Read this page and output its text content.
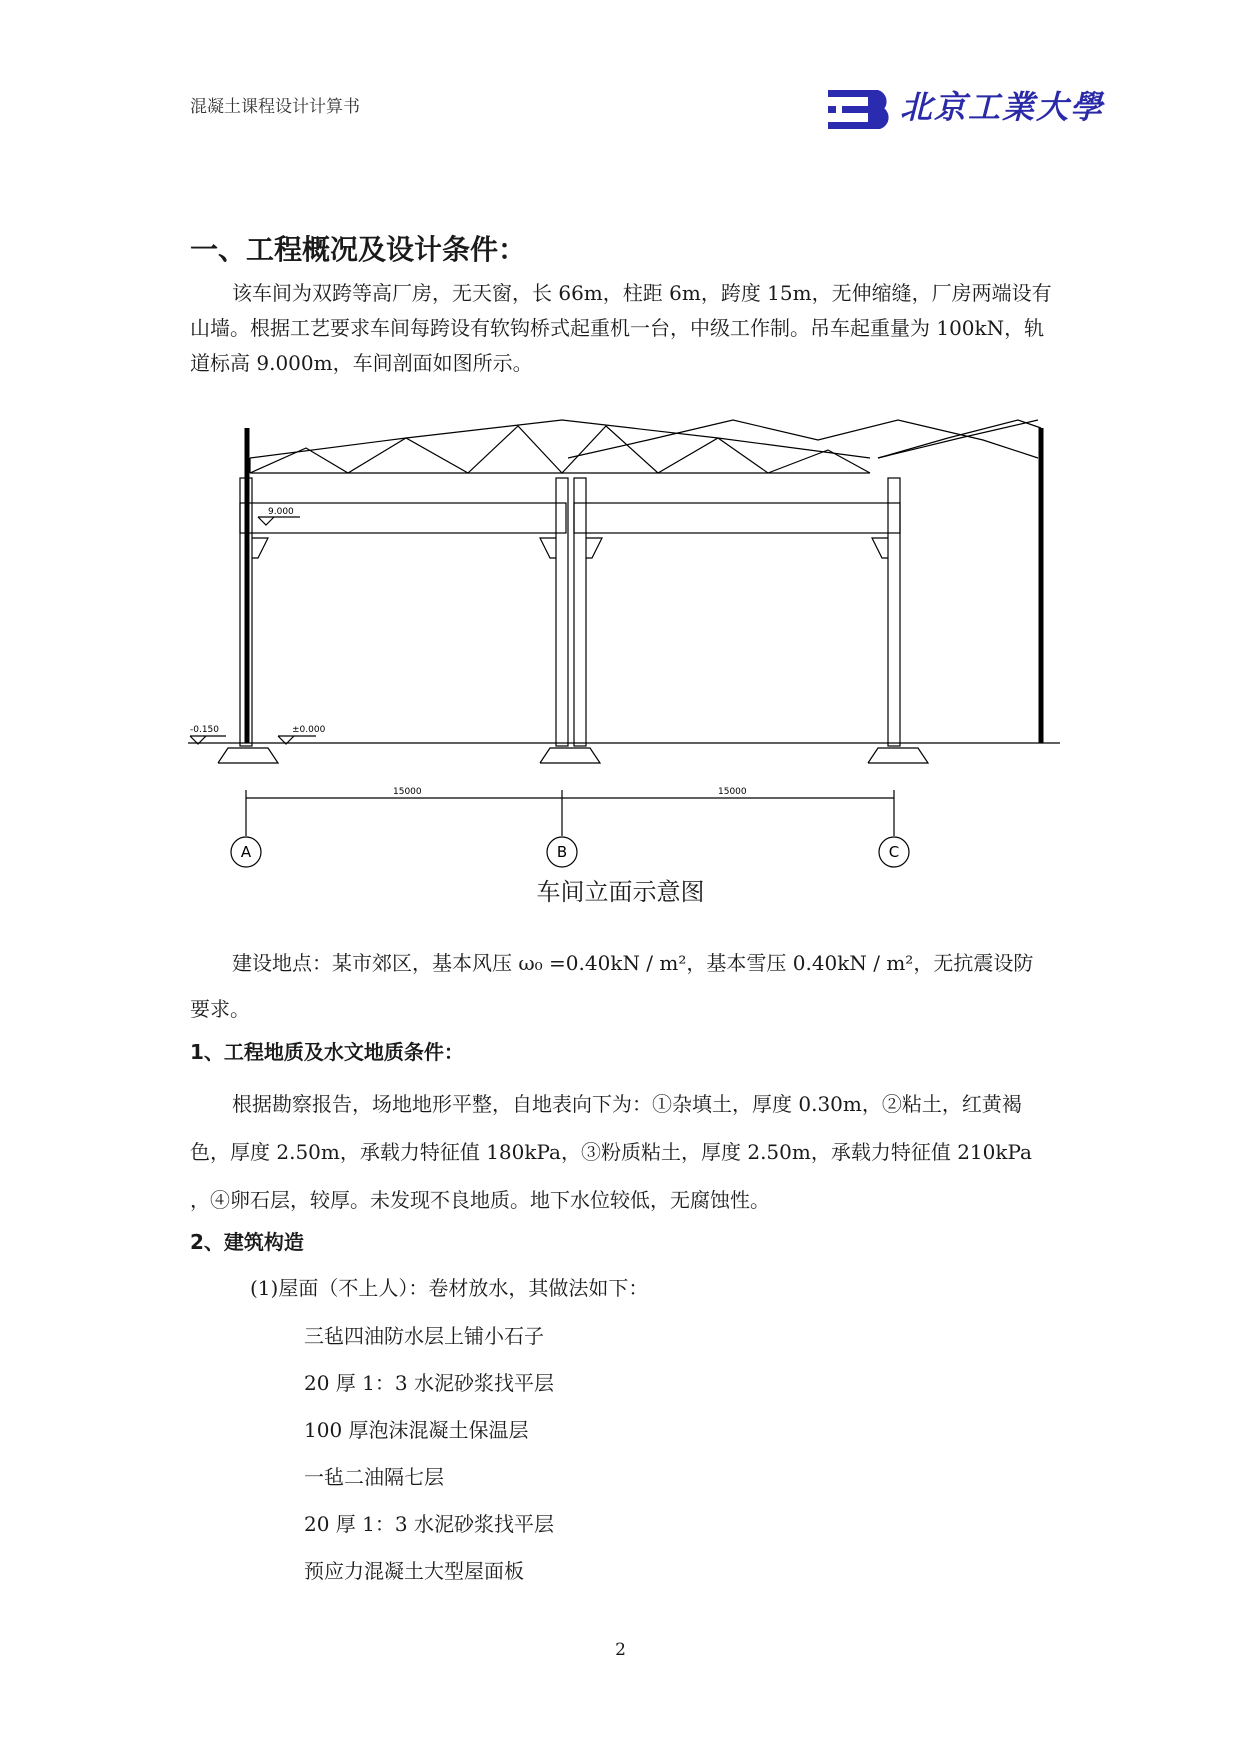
混凝土课程设计计算书	北京工業大學
一、工程概况及设计条件：
该车间为双跨等高厂房，无天窗，长 66m，柱距 6m，跨度 15m，无伸缩缝，厂房两端设有山墙。根据工艺要求车间每跨设有软钩桥式起重机一台，中级工作制。吊车起重量为 100kN，轨道标高 9.000m，车间剖面如图所示。
9.000
±0.000
-0.150
15000	15000
A	B	C
车间立面示意图
建设地点：某市郊区，基本风压 ω₀ =0.40kN / m²，基本雪压 0.40kN / m²，无抗震设防要求。
1、工程地质及水文地质条件：
根据勘察报告，场地地形平整，自地表向下为：①杂填土，厚度 0.30m，②粘土，红黄褐色，厚度 2.50m，承载力特征值 180kPa，③粉质粘土，厚度 2.50m，承载力特征值 210kPa ，④卵石层，较厚。未发现不良地质。地下水位较低，无腐蚀性。
2、建筑构造
(1)屋面（不上人）：卷材放水，其做法如下：
三毡四油防水层上铺小石子
20 厚 1：3 水泥砂浆找平层
100 厚泡沫混凝土保温层
一毡二油隔七层
20 厚 1：3 水泥砂浆找平层
预应力混凝土大型屋面板
2
